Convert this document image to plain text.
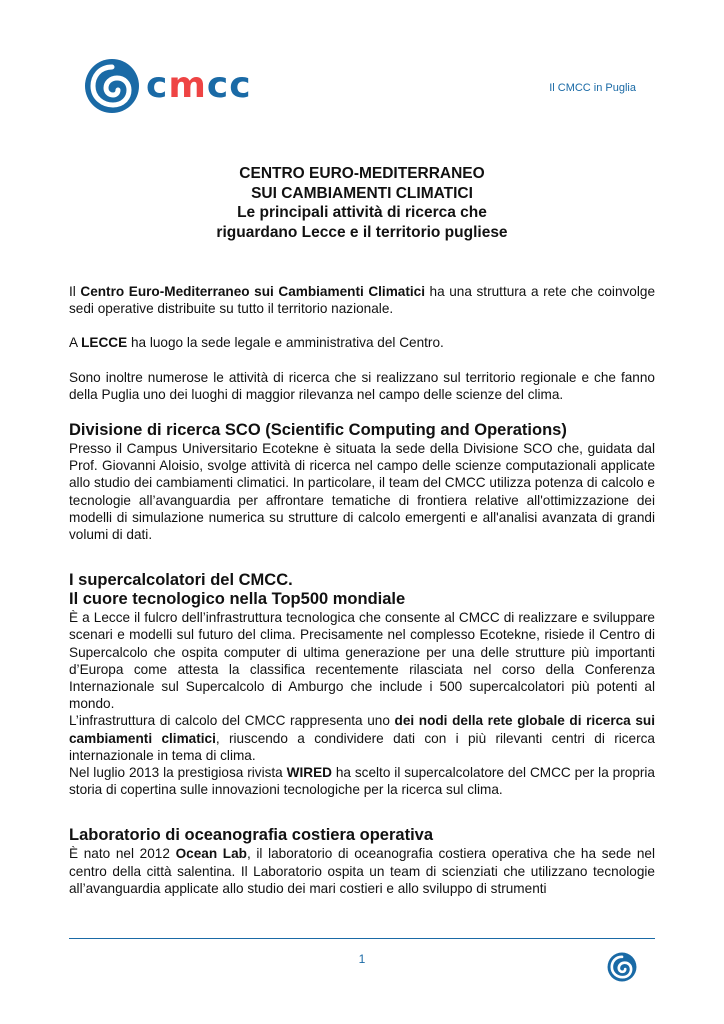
cmcc	Il CMCC in Puglia
CENTRO EURO-MEDITERRANEO
SUI CAMBIAMENTI CLIMATICI
Le principali attività di ricerca che
riguardano Lecce e il territorio pugliese

Il Centro Euro-Mediterraneo sui Cambiamenti Climatici ha una struttura a rete che coinvolge sedi operative distribuite su tutto il territorio nazionale.

A LECCE ha luogo la sede legale e amministrativa del Centro.

Sono inoltre numerose le attività di ricerca che si realizzano sul territorio regionale e che fanno della Puglia uno dei luoghi di maggior rilevanza nel campo delle scienze del clima.

Divisione di ricerca SCO (Scientific Computing and Operations)

Presso il Campus Universitario Ecotekne è situata la sede della Divisione SCO che, guidata dal Prof. Giovanni Aloisio, svolge attività di ricerca nel campo delle scienze computazionali applicate allo studio dei cambiamenti climatici. In particolare, il team del CMCC utilizza potenza di calcolo e tecnologie all’avanguardia per affrontare tematiche di frontiera relative all'ottimizzazione dei modelli di simulazione numerica su strutture di calcolo emergenti e all'analisi avanzata di grandi volumi di dati.

I supercalcolatori del CMCC.
Il cuore tecnologico nella Top500 mondiale

È a Lecce il fulcro dell’infrastruttura tecnologica che consente al CMCC di realizzare e sviluppare scenari e modelli sul futuro del clima. Precisamente nel complesso Ecotekne, risiede il Centro di Supercalcolo che ospita computer di ultima generazione per una delle strutture più importanti d’Europa come attesta la classifica recentemente rilasciata nel corso della Conferenza Internazionale sul Supercalcolo di Amburgo che include i 500 supercalcolatori più potenti al mondo.

L’infrastruttura di calcolo del CMCC rappresenta uno dei nodi della rete globale di ricerca sui cambiamenti climatici, riuscendo a condividere dati con i più rilevanti centri di ricerca internazionale in tema di clima.

Nel luglio 2013 la prestigiosa rivista WIRED ha scelto il supercalcolatore del CMCC per la propria storia di copertina sulle innovazioni tecnologiche per la ricerca sul clima.

Laboratorio di oceanografia costiera operativa

È nato nel 2012 Ocean Lab, il laboratorio di oceanografia costiera operativa che ha sede nel centro della città salentina. Il Laboratorio ospita un team di scienziati che utilizzano tecnologie all’avanguardia applicate allo studio dei mari costieri e allo sviluppo di strumenti

1
